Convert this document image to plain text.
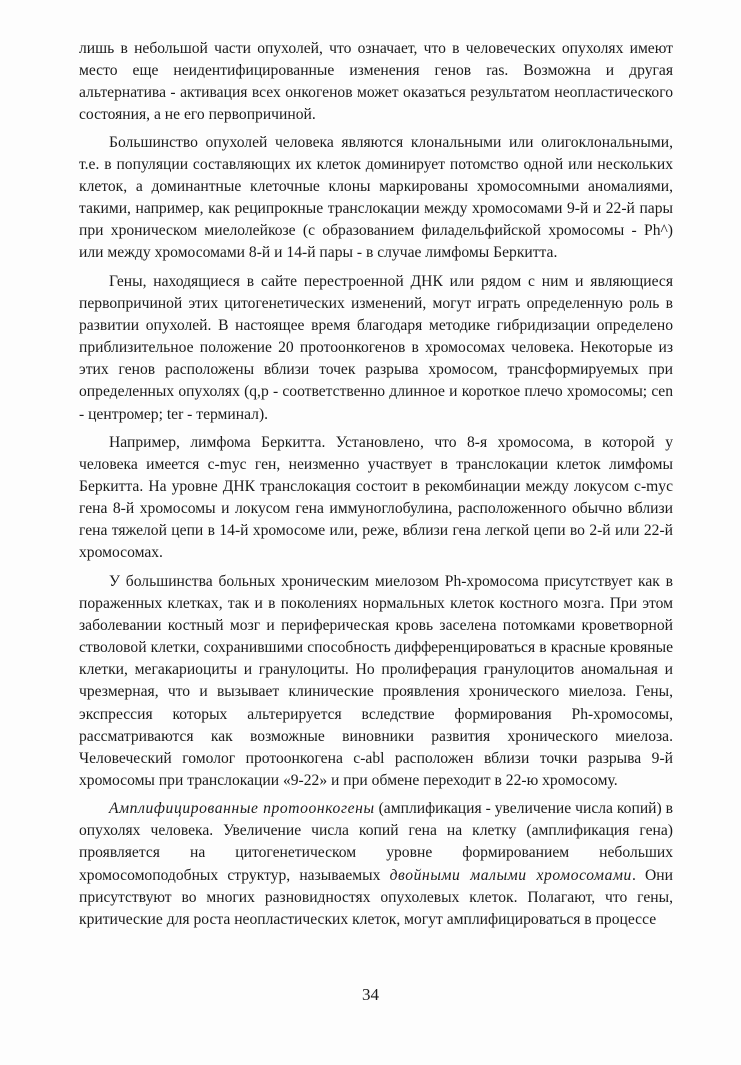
лишь в небольшой части опухолей, что означает, что в человеческих опухолях имеют место еще неидентифицированные изменения генов ras. Возможна и другая альтернатива - активация всех онкогенов может оказаться результатом неопластического состояния, а не его первопричиной.

Большинство опухолей человека являются клональными или олигоклональными, т.е. в популяции составляющих их клеток доминирует потомство одной или нескольких клеток, а доминантные клеточные клоны маркированы хромосомными аномалиями, такими, например, как реципрокные транслокации между хромосомами 9-й и 22-й пары при хроническом миелолейкозе (с образованием филадельфийской хромосомы - Ph^) или между хромосомами 8-й и 14-й пары - в случае лимфомы Беркитта.

Гены, находящиеся в сайте перестроенной ДНК или рядом с ним и являющиеся первопричиной этих цитогенетических изменений, могут играть определенную роль в развитии опухолей. В настоящее время благодаря методике гибридизации определено приблизительное положение 20 протоонкогенов в хромосомах человека. Некоторые из этих генов расположены вблизи точек разрыва хромосом, трансформируемых при определенных опухолях (q,p - соответственно длинное и короткое плечо хромосомы; cen - центромер; ter - терминал).

Например, лимфома Беркитта. Установлено, что 8-я хромосома, в которой у человека имеется c-myc ген, неизменно участвует в транслокации клеток лимфомы Беркитта. На уровне ДНК транслокация состоит в рекомбинации между локусом c-myc гена 8-й хромосомы и локусом гена иммуноглобулина, расположенного обычно вблизи гена тяжелой цепи в 14-й хромосоме или, реже, вблизи гена легкой цепи во 2-й или 22-й хромосомах.

У большинства больных хроническим миелозом Ph-хромосома присутствует как в пораженных клетках, так и в поколениях нормальных клеток костного мозга. При этом заболевании костный мозг и периферическая кровь заселена потомками кроветворной стволовой клетки, сохранившими способность дифференцироваться в красные кровяные клетки, мегакариоциты и гранулоциты. Но пролиферация гранулоцитов аномальная и чрезмерная, что и вызывает клинические проявления хронического миелоза. Гены, экспрессия которых альтерируется вследствие формирования Ph-хромосомы, рассматриваются как возможные виновники развития хронического миелоза. Человеческий гомолог протоонкогена c-abl расположен вблизи точки разрыва 9-й хромосомы при транслокации «9-22» и при обмене переходит в 22-ю хромосому.

Амплифицированные протоонкогены (амплификация - увеличение числа копий) в опухолях человека. Увеличение числа копий гена на клетку (амплификация гена) проявляется на цитогенетическом уровне формированием небольших хромосомоподобных структур, называемых двойными малыми хромосомами. Они присутствуют во многих разновидностях опухолевых клеток. Полагают, что гены, критические для роста неопластических клеток, могут амплифицироваться в процессе

34
